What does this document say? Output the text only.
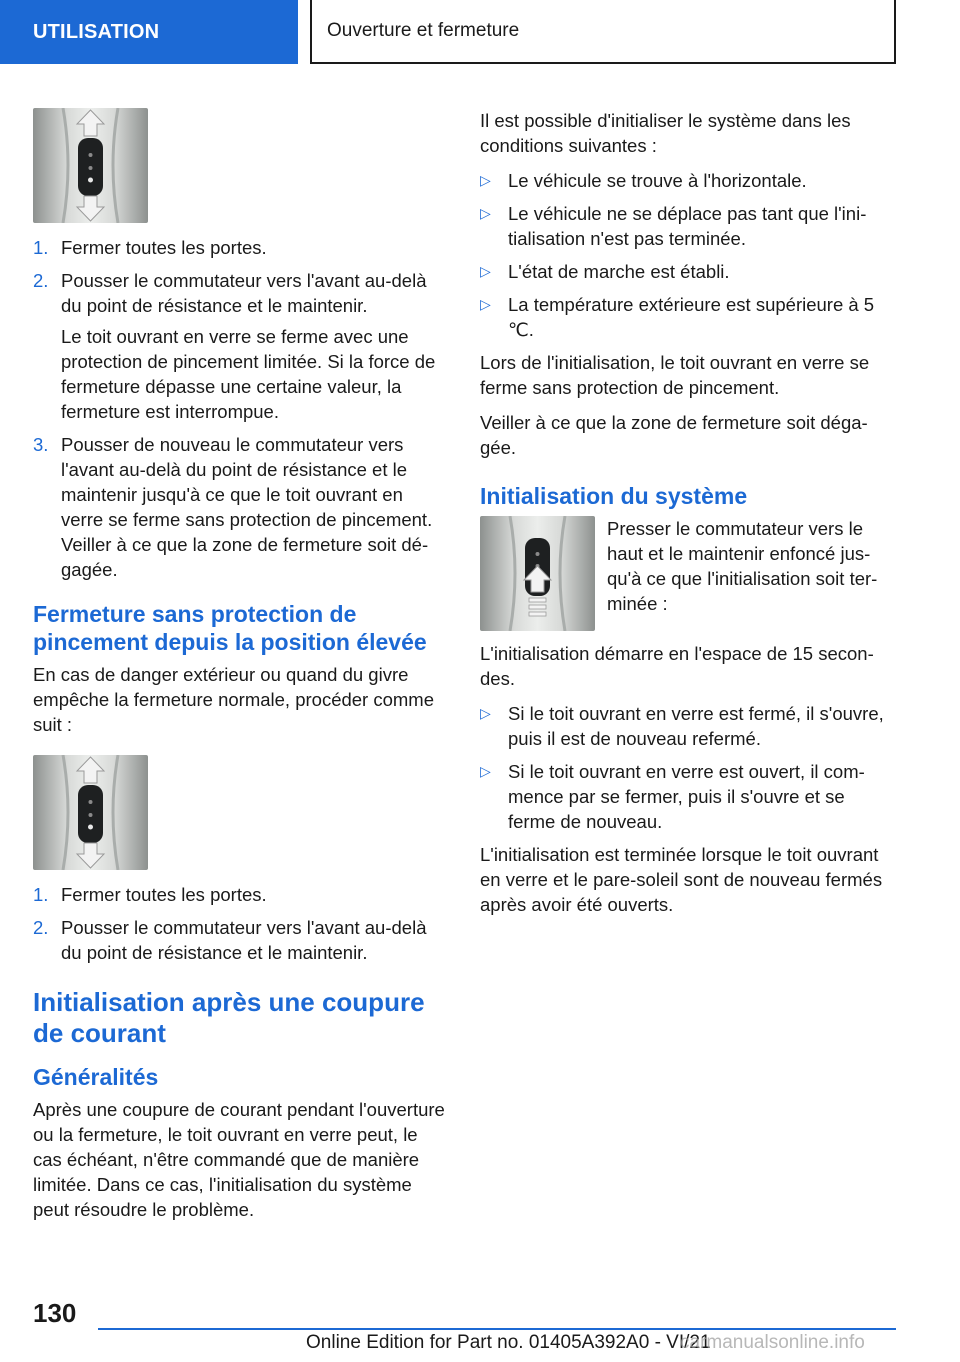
UTILISATION	Ouverture et fermeture
1. Fermer toutes les portes.
2. Pousser le commutateur vers l'avant au-delà du point de résistance et le maintenir.
Le toit ouvrant en verre se ferme avec une protection de pincement limitée. Si la force de fermeture dépasse une certaine valeur, la fermeture est interrompue.
3. Pousser de nouveau le commutateur vers l'avant au-delà du point de résistance et le maintenir jusqu'à ce que le toit ouvrant en verre se ferme sans protection de pincement. Veiller à ce que la zone de fermeture soit dégagée.
Fermeture sans protection de pincement depuis la position élevée

En cas de danger extérieur ou quand du givre empêche la fermeture normale, procéder comme suit :

1. Fermer toutes les portes.
2. Pousser le commutateur vers l'avant au-delà du point de résistance et le maintenir.
Initialisation après une coupure de courant
Généralités

Après une coupure de courant pendant l'ouverture ou la fermeture, le toit ouvrant en verre peut, le cas échéant, n'être commandé que de manière limitée. Dans ce cas, l'initialisation du système peut résoudre le problème.

Il est possible d'initialiser le système dans les conditions suivantes :

▷ Le véhicule se trouve à l'horizontale.
▷ Le véhicule ne se déplace pas tant que l'initialisation n'est pas terminée.
▷ L'état de marche est établi.
▷ La température extérieure est supérieure à 5 ℃.

Lors de l'initialisation, le toit ouvrant en verre se ferme sans protection de pincement.

Veiller à ce que la zone de fermeture soit dégagée.

Initialisation du système

Presser le commutateur vers le haut et le maintenir enfoncé jusqu'à ce que l'initialisation soit terminée :

L'initialisation démarre en l'espace de 15 secondes.

▷ Si le toit ouvrant en verre est fermé, il s'ouvre, puis il est de nouveau refermé.
▷ Si le toit ouvrant en verre est ouvert, il commence par se fermer, puis il s'ouvre et se ferme de nouveau.

L'initialisation est terminée lorsque le toit ouvrant en verre et le pare-soleil sont de nouveau fermés après avoir été ouverts.

130
Online Edition for Part no. 01405A392A0 - VI/21
carmanualsonline.info
